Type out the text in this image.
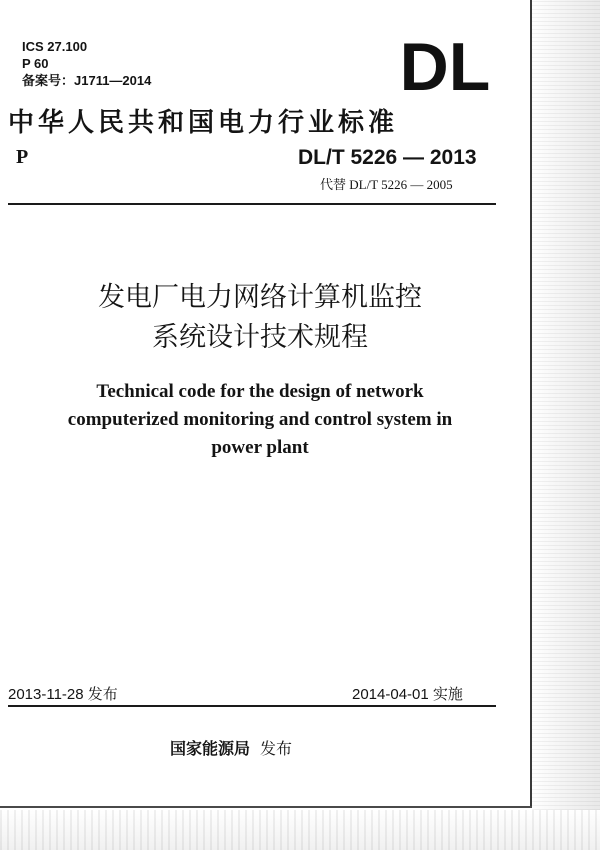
ICS 27.100
P 60
备案号：J1711—2014	DL
中华人民共和国电力行业标准
P	DL/T 5226 — 2013
代替 DL/T 5226 — 2005
发电厂电力网络计算机监控
系统设计技术规程
Technical code for the design of network
computerized monitoring and control system in
power plant
2013-11-28 发布	2014-04-01 实施
国家能源局 发布
